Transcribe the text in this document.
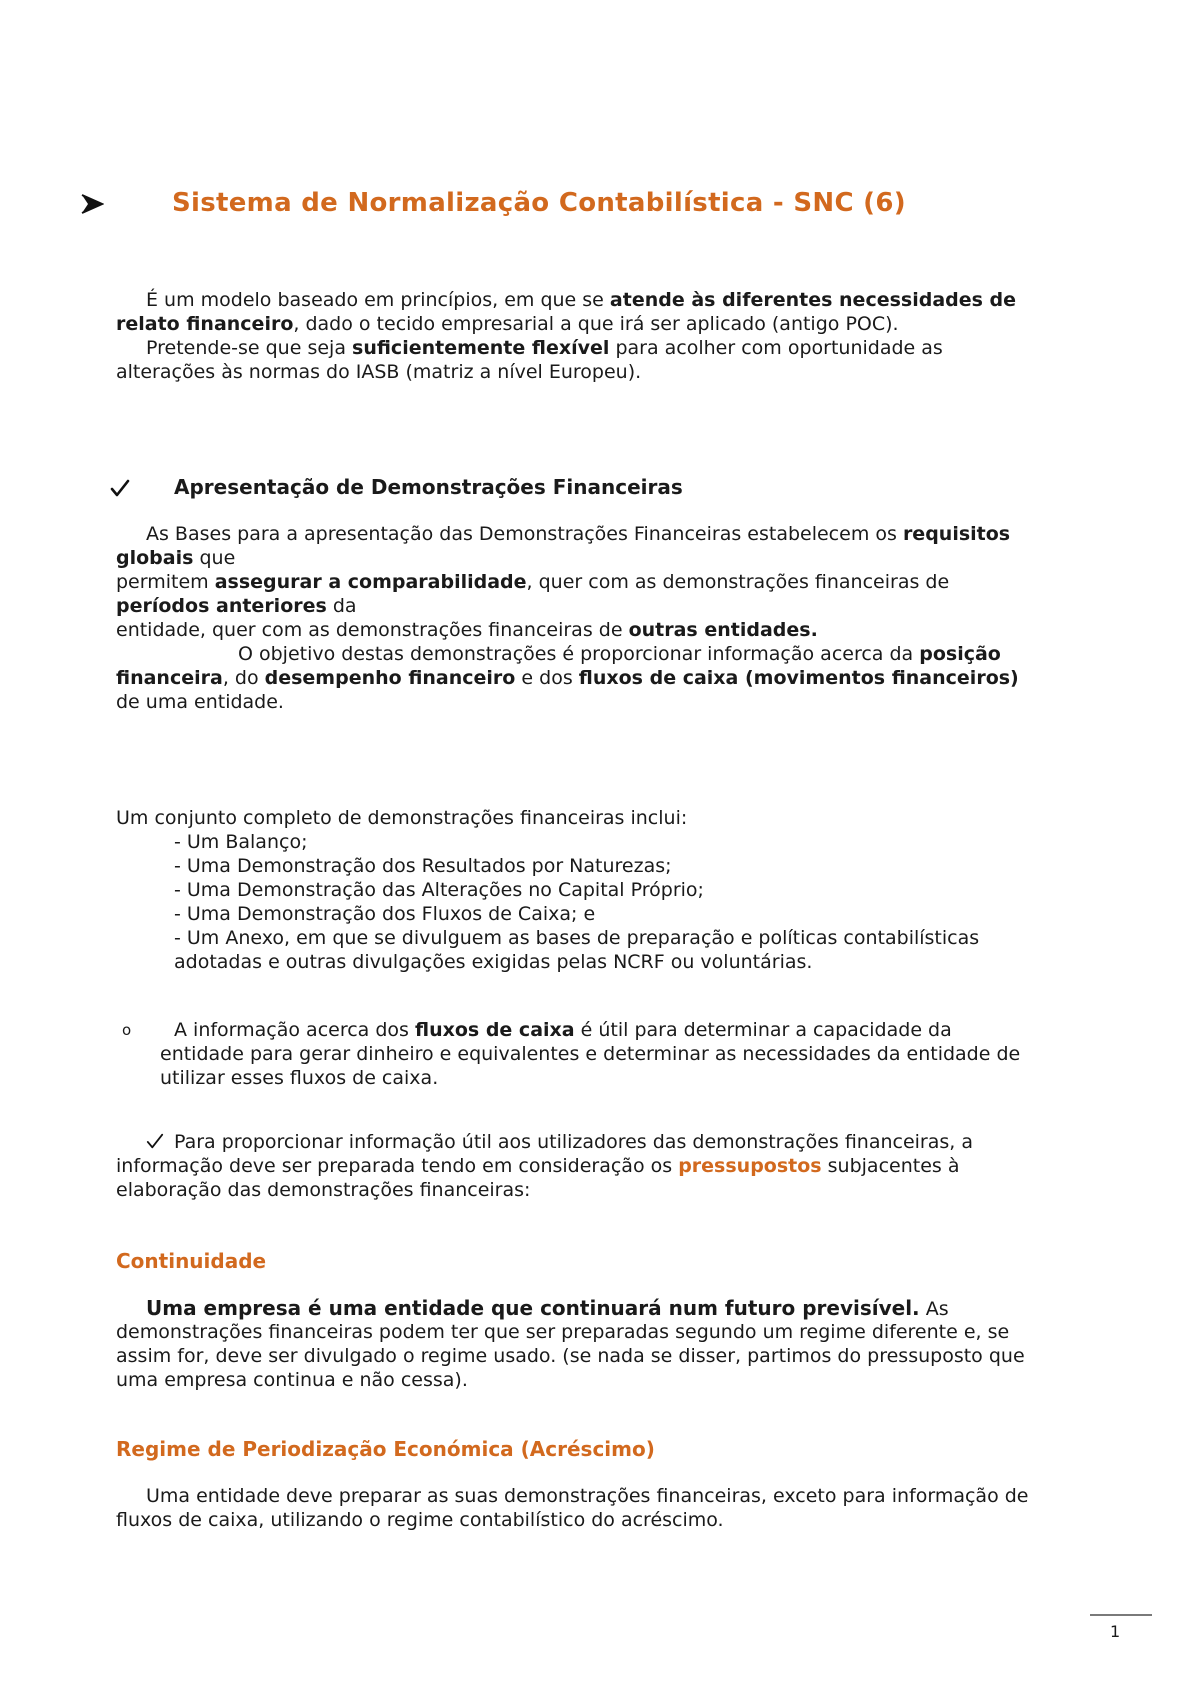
Sistema de Normalização Contabilística - SNC (6)
É um modelo baseado em princípios, em que se atende às diferentes necessidades de
relato financeiro, dado o tecido empresarial a que irá ser aplicado (antigo POC).
Pretende-se que seja suficientemente flexível para acolher com oportunidade as
alterações às normas do IASB (matriz a nível Europeu).
Apresentação de Demonstrações Financeiras
As Bases para a apresentação das Demonstrações Financeiras estabelecem os requisitos
globais que
permitem assegurar a comparabilidade, quer com as demonstrações financeiras de
períodos anteriores da
entidade, quer com as demonstrações financeiras de outras entidades.
O objetivo destas demonstrações é proporcionar informação acerca da posição
financeira, do desempenho financeiro e dos fluxos de caixa (movimentos financeiros)
de uma entidade.
Um conjunto completo de demonstrações financeiras inclui:
- Um Balanço;
- Uma Demonstração dos Resultados por Naturezas;
- Uma Demonstração das Alterações no Capital Próprio;
- Uma Demonstração dos Fluxos de Caixa; e
- Um Anexo, em que se divulguem as bases de preparação e políticas contabilísticas
adotadas e outras divulgações exigidas pelas NCRF ou voluntárias.
o A informação acerca dos fluxos de caixa é útil para determinar a capacidade da
entidade para gerar dinheiro e equivalentes e determinar as necessidades da entidade de
utilizar esses fluxos de caixa.
Para proporcionar informação útil aos utilizadores das demonstrações financeiras, a
informação deve ser preparada tendo em consideração os pressupostos subjacentes à
elaboração das demonstrações financeiras:
Continuidade
Uma empresa é uma entidade que continuará num futuro previsível. As
demonstrações financeiras podem ter que ser preparadas segundo um regime diferente e, se
assim for, deve ser divulgado o regime usado. (se nada se disser, partimos do pressuposto que
uma empresa continua e não cessa).
Regime de Periodização Económica (Acréscimo)
Uma entidade deve preparar as suas demonstrações financeiras, exceto para informação de
fluxos de caixa, utilizando o regime contabilístico do acréscimo.
1
